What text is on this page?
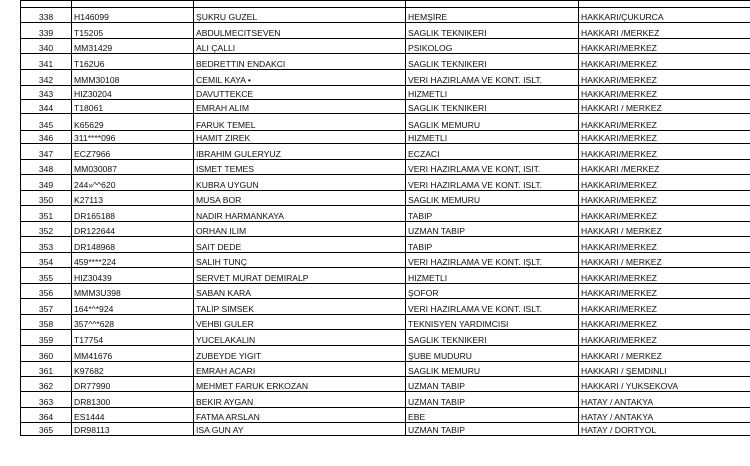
338	H146099	ŞUKRU GUZEL	HEMŞİRE	HAKKARI/ÇUKURCA
339	T15205	ABDULMECITSEVEN	SAGLIK TEKNIKERI	HAKKARI /MERKEZ
340	MM31429	ALI ÇALLI	PSIKOLOG	HAKKARI/MERKEZ
341	T162U6	BEDRETTIN ENDAKCI	SAGLIK TEKNIKERI	HAKKARI/MERKEZ
342	MMM30108	CEMIL KAYA •	VERI HAZIRLAMA VE KONT. ISLT.	HAKKARI/MERKEZ
343	HIZ30204	DAVUTTEKCE	HIZMETLI	HAKKARI/MERKEZ
344	T18061	EMRAH ALIM	SAGLIK TEKNIKERI	HAKKARI / MERKEZ
345	K65629	FARUK TEMEL	SAGLIK MEMURU	HAKKARI/MERKEZ
346	311****096	HAMIT ZIREK	HIZMETLI	HAKKARI/MERKEZ
347	ECZ7966	IBRAHIM GULERYUZ	ECZACI	HAKKARI/MERKEZ
348	MM030087	ISMET TEMES	VERI HAZIRLAMA VE KONT, ISIT.	HAKKARI /MERKEZ
349	244»^^620	KUBRA UYGUN	VERI HAZIRLAMA VE KONT. ISLT.	HAKKARI/MERKEZ
350	K27113	MUSA BOR	SAGLIK MEMURU	HAKKARI/MERKEZ
351	DR165188	NADIR HARMANKAYA	TABIP	HAKKARI/MERKEZ
352	DR122644	ORHAN ILIM	UZMAN TABIP	HAKKARI / MERKEZ
353	DR148968	SAIT DEDE	TABIP	HAKKARI/MERKEZ
354	459****224	SALIH TUNÇ	VERI HAZIRLAMA VE KONT. IŞLT.	HAKKARI / MERKEZ
355	HIZ30439	SERVET MURAT DEMIRALP	HIZMETLI	HAKKARI/MERKEZ
356	MMM3U398	SABAN KARA	ŞOFOR	HAKKARI/MERKEZ
357	164*^*924	TALIP SIMSEK	VERI HAZIRLAMA VE KONT. ISLT.	HAKKARI/MERKEZ
358	357^^*628	VEHBI GULER	TEKNISYEN YARDIMCISI	HAKKARI/MERKEZ
359	T17754	YUCELAKALIN	SAGLIK TEKNIKERI	HAKKARI/MERKEZ
360	MM41676	ZUBEYDE YIGIT	ŞUBE MUDURU	HAKKARI / MERKEZ
361	K97682	EMRAH ACARI	SAGLIK MEMURU	HAKKARI / ŞEMDINLI
362	DR77990	MEHMET FARUK ERKOZAN	UZMAN TABIP	HAKKARI / YUKSEKOVA
363	DR81300	BEKIR AYGAN	UZMAN TABIP	HATAY / ANTAKYA
364	ES1444	FATMA ARSLAN	EBE	HATAY / ANTAKYA
365	DR98113	ISA GUN AY	UZMAN TABIP	HATAY / DORTYOL
